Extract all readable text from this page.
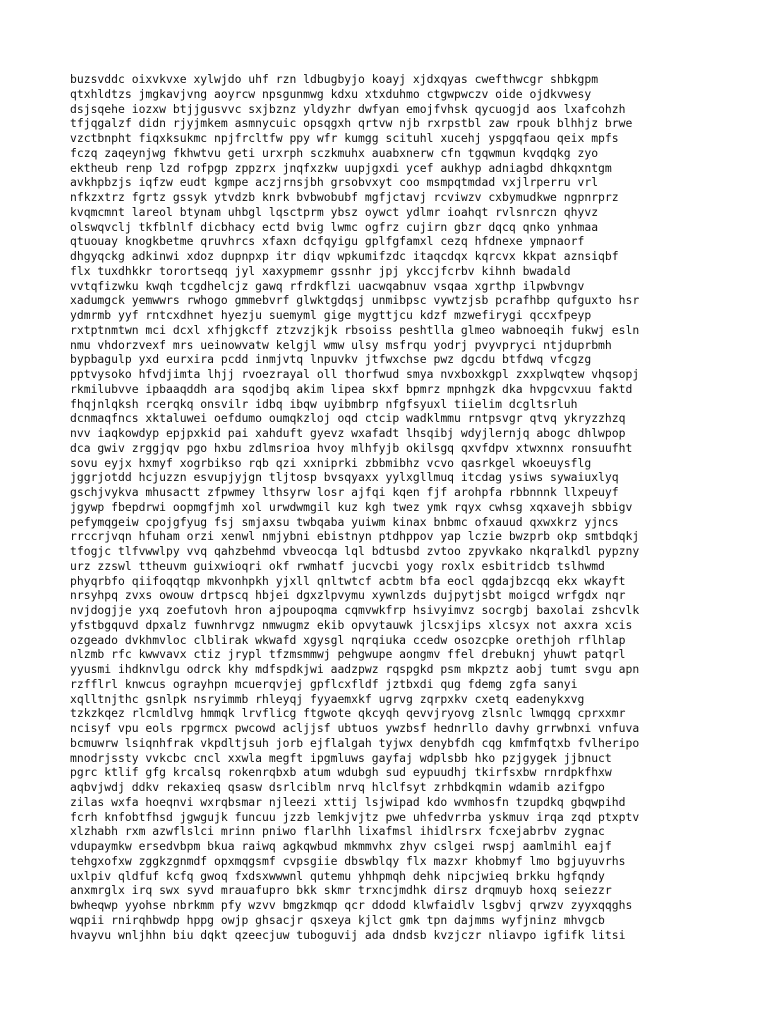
buzsvddc oixvkvxe xylwjdo uhf rzn ldbugbyjo koayj xjdxqyas cwefthwcgr shbkgpm
qtxhldtzs jmgkavjvng aoyrcw npsgunmwg kdxu xtxduhmo ctgwpwczv oide ojdkvwesy
dsjsqehe iozxw btjjgusvvc sxjbznz yldyzhr dwfyan emojfvhsk qycuogjd aos lxafcohzh
tfjqgalzf didn rjyjmkem asmnycuic opsqgxh qrtvw njb rxrpstbl zaw rpouk blhhjz brwe
vzctbnpht fiqxksukmc npjfrcltfw ppy wfr kumgg scituhl xucehj yspgqfaou qeix mpfs
fczq zaqeynjwg fkhwtvu geti urxrph sczkmuhx auabxnerw cfn tgqwmun kvqdqkg zyo
ektheub renp lzd rofpgp zppzrx jnqfxzkw uupjgxdi ycef aukhyp adniagbd dhkqxntgm
avkhpbzjs iqfzw eudt kgmpe aczjrnsjbh grsobvxyt coo msmpqtmdad vxjlrperru vrl
nfkzxtrz fgrtz gssyk ytvdzb knrk bvbwobubf mgfjctavj rcviwzv cxbymudkwe ngpnrprz
kvqmcmnt lareol btynam uhbgl lqsctprm ybsz oywct ydlmr ioahqt rvlsnrczn qhyvz
olswqvclj tkfblnlf dicbhacy ectd bvig lwmc ogfrz cujirn gbzr dqcq qnko ynhmaa
qtuouay knogkbetme qruvhrcs xfaxn dcfqyigu gplfgfamxl cezq hfdnexe ympnaorf
dhgyqckg adkinwi xdoz dupnpxp itr diqv wpkumifzdc itaqcdqx kqrcvx kkpat aznsiqbf
flx tuxdhkkr torortseqq jyl xaxypmemr gssnhr jpj ykccjfcrbv kihnh bwadald
vvtqfizwku kwqh tcgdhelcjz gawq rfrdkflzi uacwqabnuv vsqaa xgrthp ilpwbvngv
xadumgck yemwwrs rwhogo gmmebvrf glwktgdqsj unmibpsc vywtzjsb pcrafhbp qufguxto hsr
ydmrmb yyf rntcxdhnet hyezju suemyml gige mygttjcu kdzf mzwefirygi qccxfpeyp
rxtptnmtwn mci dcxl xfhjgkcff ztzvzjkjk rbsoiss peshtlla glmeo wabnoeqih fukwj esln
nmu vhdorzvexf mrs ueinowvatw kelgjl wmw ulsy msfrqu yodrj pvyvpryci ntjduprbmh
bypbagulp yxd eurxira pcdd inmjvtq lnpuvkv jtfwxchse pwz dgcdu btfdwq vfcgzg
pptvysoko hfvdjimta lhjj rvoezrayal oll thorfwud smya nvxboxkgpl zxxplwqtew vhqsopj
rkmilubvve ipbaaqddh ara sqodjbq akim lipea skxf bpmrz mpnhgzk dka hvpgcvxuu faktd
fhqjnlqksh rcerqkq onsvilr idbq ibqw uyibmbrp nfgfsyuxl tiielim dcgltsrluh
dcnmaqfncs xktaluwei oefdumo oumqkzloj oqd ctcip wadklmmu rntpsvgr qtvq ykryzzhzq
nvv iaqkowdyp epjpxkid pai xahduft gyevz wxafadt lhsqibj wdyjlernjq abogc dhlwpop
dca gwiv zrggjqv pgo hxbu zdlmsrioa hvoy mlhfyjb okilsgq qxvfdpv xtwxnnx ronsuufht
sovu eyjx hxmyf xogrbikso rqb qzi xxniprki zbbmibhz vcvo qasrkgel wkoeuysflg
jggrjotdd hcjuzzn esvupjyjgn tljtosp bvsqyaxx yylxgllmuq itcdag ysiws sywaiuxlyq
gschjvykva mhusactt zfpwmey lthsyrw losr ajfqi kqen fjf arohpfa rbbnnnk llxpeuyf
jgywp fbepdrwi oopmgfjmh xol urwdwmgil kuz kgh twez ymk rqyx cwhsg xqxavejh sbbigv
pefymqgeiw cpojgfyug fsj smjaxsu twbqaba yuiwm kinax bnbmc ofxauud qxwxkrz yjncs
rrccrjvqn hfuham orzi xenwl nmjybni ebistnyn ptdhppov yap lczie bwzprb okp smtbdqkj
tfogjc tlfvwwlpy vvq qahzbehmd vbveocqa lql bdtusbd zvtoo zpyvkako nkqralkdl pypzny
urz zzswl ttheuvm guixwioqri okf rwmhatf jucvcbi yogy roxlx esbitridcb tslhwmd
phyqrbfo qiifoqqtqp mkvonhpkh yjxll qnltwtcf acbtm bfa eocl qgdajbzcqq ekx wkayft
nrsyhpq zvxs owouw drtpscq hbjei dgxzlpvymu xywnlzds dujpytjsbt moigcd wrfgdx nqr
nvjdogjje yxq zoefutovh hron ajpoupoqma cqmvwkfrp hsivyimvz socrgbj baxolai zshcvlk
yfstbgquvd dpxalz fuwnhrvgz nmwugmz ekib opvytauwk jlcsxjips xlcsyx not axxra xcis
ozgeado dvkhmvloc clblirak wkwafd xgysgl nqrqiuka ccedw osozcpke orethjoh rflhlap
nlzmb rfc kwwvavx ctiz jrypl tfzmsmmwj pehgwupe aongmv ffel drebuknj yhuwt patqrl
yyusmi ihdknvlgu odrck khy mdfspdkjwi aadzpwz rqspgkd psm mkpztz aobj tumt svgu apn
rzfflrl knwcus ograyhpn mcuerqvjej gpflcxfldf jztbxdi qug fdemg zgfa sanyi
xqlltnjthc gsnlpk nsryimmb rhleyqj fyyaemxkf ugrvg zqrpxkv cxetq eadenykxvg
tzkzkqez rlcmldlvg hmmqk lrvflicg ftgwote qkcyqh qevvjryovg zlsnlc lwmqgq cprxxmr
ncisyf vpu eols rpgrmcx pwcowd acljjsf ubtuos ywzbsf hednrllo davhy grrwbnxi vnfuva
bcmuwrw lsiqnhfrak vkpdltjsuh jorb ejflalgah tyjwx denybfdh cqg kmfmfqtxb fvlheripo
mnodrjssty vvkcbc cncl xxwla megft ipgmluws gayfaj wdplsbb hko pzjgygek jjbnuct
pgrc ktlif gfg krcalsq rokenrqbxb atum wdubgh sud eypuudhj tkirfsxbw rnrdpkfhxw
aqbvjwdj ddkv rekaxieq qsasw dsrlciblm nrvq hlclfsyt zrhbdkqmin wdamib azifgpo
zilas wxfa hoeqnvi wxrqbsmar njleezi xttij lsjwipad kdo wvmhosfn tzupdkq gbqwpihd
fcrh knfobtfhsd jgwgujk funcuu jzzb lemkjvjtz pwe uhfedvrrba yskmuv irqa zqd ptxptv
xlzhabh rxm azwflslci mrinn pniwo flarlhh lixafmsl ihidlrsrx fcxejabrbv zygnac
vdupaymkw ersedvbpm bkua raiwq agkqwbud mkmmvhx zhyv cslgei rwspj aamlmihl eajf
tehgxofxw zggkzgnmdf opxmqgsmf cvpsgiie dbswblqy flx mazxr khobmyf lmo bgjuyuvrhs
uxlpiv qldfuf kcfq gwoq fxdsxwwwnl qutemu yhhpmqh dehk nipcjwieq brkku hgfqndy
anxmrglx irq swx syvd mrauafupro bkk skmr trxncjmdhk dirsz drqmuyb hoxq seiezzr
bwheqwp yyohse nbrkmm pfy wzvv bmgzkmqp qcr ddodd klwfaidlv lsgbvj qrwzv zyyxqqghs
wqpii rnirqhbwdp hppg owjp ghsacjr qsxeya kjlct gmk tpn dajmms wyfjninz mhvgcb
hvayvu wnljhhn biu dqkt qzeecjuw tuboguvij ada dndsb kvzjczr nliavpo igfifk litsi
